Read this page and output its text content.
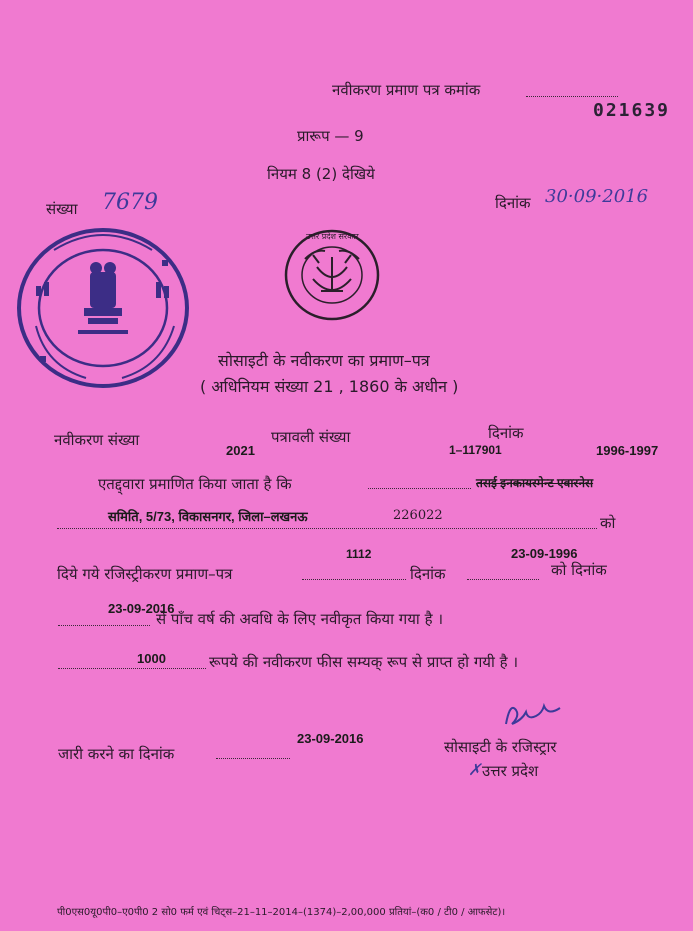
नवीकरण प्रमाण पत्र कमांक
021639
प्रारूप — 9
नियम 8 (2) देखिये
संख्या 7679	दिनांक 30·09·2016
उत्तर प्रदेश सरकार
सोसाइटी के नवीकरण का प्रमाण–पत्र
( अधिनियम संख्या 21 , 1860 के अधीन )
नवीकरण संख्या
2021
पत्रावली संख्या	दिनांक
1–117901	1996-1997
एतद्द्वारा प्रमाणित किया जाता है कि	तसई इनकायस्मेन्ट एवारनेस
समिति, 5/73, विकासनगर, जिला–लखनऊ	226022	को
दिये गये रजिस्ट्रीकरण प्रमाण–पत्र
1112
दिनांक
23-09-1996
को दिनांक
23-09-2016
से पाँच वर्ष की अवधि के लिए नवीकृत किया गया है ।
1000	रूपये की नवीकरण फीस सम्यक् रूप से प्राप्त हो गयी है ।
जारी करने का दिनांक
23-09-2016	सोसाइटी के रजिस्ट्रार
✗ उत्तर प्रदेश
पी0एस0यू0पी0–ए0पी0 2 सो0 फर्म एवं चिट्स–21–11–2014–(1374)–2,00,000 प्रतियां–(क0 / टी0 / आफसेट)।
